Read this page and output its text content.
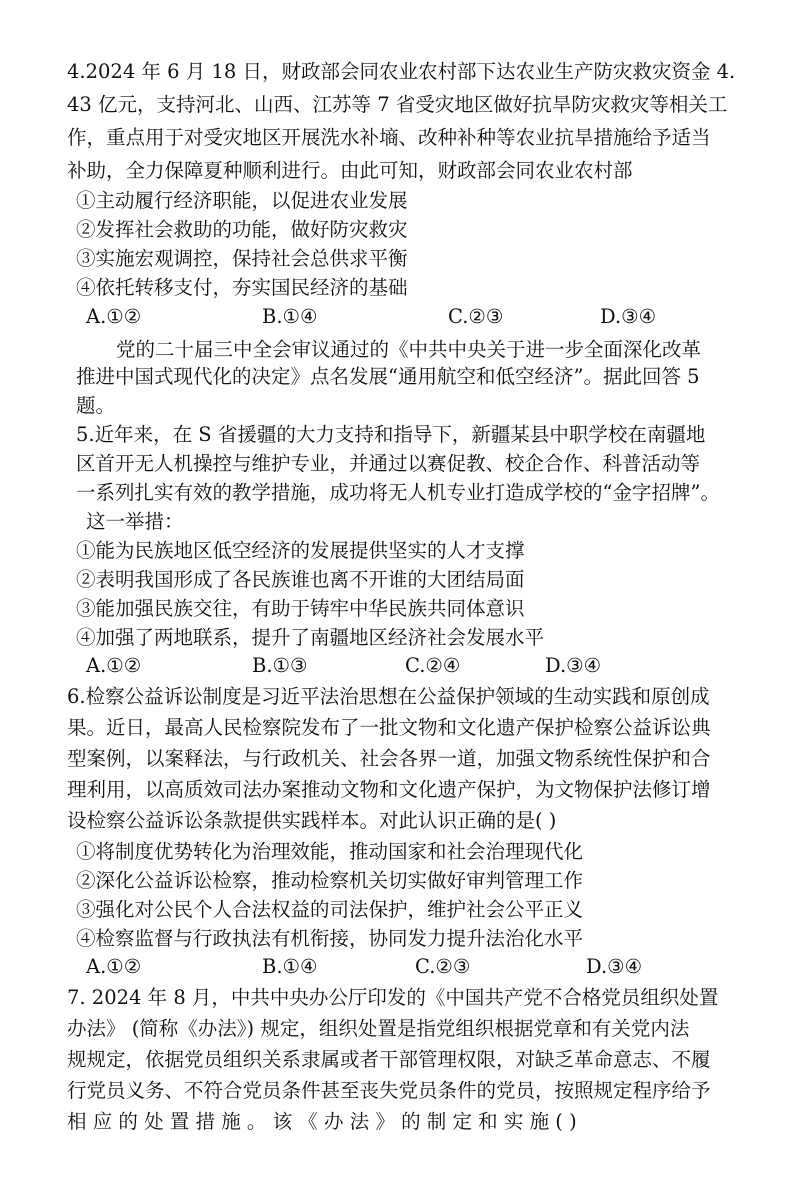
4.2024 年 6 月 18 日，财政部会同农业农村部下达农业生产防灾救灾资金 4.
43 亿元，支持河北、山西、江苏等 7 省受灾地区做好抗旱防灾救灾等相关工
作，重点用于对受灾地区开展洗水补墒、改种补种等农业抗旱措施给予适当
补助，全力保障夏种顺利进行。由此可知，财政部会同农业农村部
①主动履行经济职能，以促进农业发展
②发挥社会救助的功能，做好防灾救灾
③实施宏观调控，保持社会总供求平衡
④依托转移支付，夯实国民经济的基础
A.①②	B.①④	C.②③	D.③④
党的二十届三中全会审议通过的《中共中央关于进一步全面深化改革
推进中国式现代化的决定》点名发展“通用航空和低空经济”。据此回答 5
题。
5.近年来，在 S 省援疆的大力支持和指导下，新疆某县中职学校在南疆地
区首开无人机操控与维护专业，并通过以赛促教、校企合作、科普活动等
一系列扎实有效的教学措施，成功将无人机专业打造成学校的“金字招牌”。
这一举措：
①能为民族地区低空经济的发展提供坚实的人才支撑
②表明我国形成了各民族谁也离不开谁的大团结局面
③能加强民族交往，有助于铸牢中华民族共同体意识
④加强了两地联系，提升了南疆地区经济社会发展水平
A.①②	B.①③	C.②④	D.③④
6.检察公益诉讼制度是习近平法治思想在公益保护领域的生动实践和原创成
果。近日，最高人民检察院发布了一批文物和文化遗产保护检察公益诉讼典
型案例，以案释法，与行政机关、社会各界一道，加强文物系统性保护和合
理利用，以高质效司法办案推动文物和文化遗产保护，为文物保护法修订增
设检察公益诉讼条款提供实践样本。对此认识正确的是( )
①将制度优势转化为治理效能，推动国家和社会治理现代化
②深化公益诉讼检察，推动检察机关切实做好审判管理工作
③强化对公民个人合法权益的司法保护，维护社会公平正义
④检察监督与行政执法有机衔接，协同发力提升法治化水平
A.①②	B.①④	C.②③	D.③④
7. 2024 年 8 月，中共中央办公厅印发的《中国共产党不合格党员组织处置
办法》 (简称《办法》) 规定，组织处置是指党组织根据党章和有关党内法
规规定，依据党员组织关系隶属或者干部管理权限，对缺乏革命意志、不履
行党员义务、不符合党员条件甚至丧失党员条件的党员，按照规定程序给予
相 应 的 处 置 措 施 。 该 《 办 法 》 的 制 定 和 实 施 ( )
